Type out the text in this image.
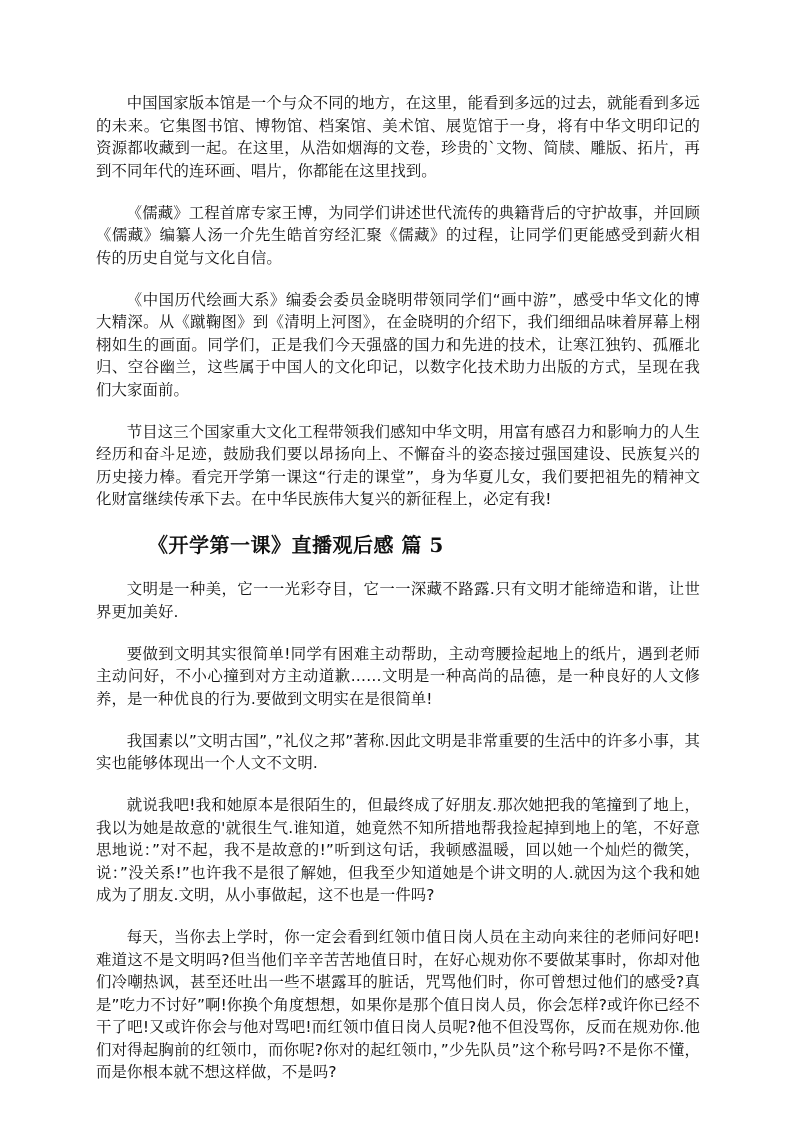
中国国家版本馆是一个与众不同的地方，在这里，能看到多远的过去，就能看到多远的未来。它集图书馆、博物馆、档案馆、美术馆、展览馆于一身，将有中华文明印记的资源都收藏到一起。在这里，从浩如烟海的文卷，珍贵的`文物、简牍、雕版、拓片，再到不同年代的连环画、唱片，你都能在这里找到。

《儒藏》工程首席专家王博，为同学们讲述世代流传的典籍背后的守护故事，并回顾《儒藏》编纂人汤一介先生皓首穷经汇聚《儒藏》的过程，让同学们更能感受到薪火相传的历史自觉与文化自信。

《中国历代绘画大系》编委会委员金晓明带领同学们“画中游”，感受中华文化的博大精深。从《蹴鞠图》到《清明上河图》，在金晓明的介绍下，我们细细品味着屏幕上栩栩如生的画面。同学们，正是我们今天强盛的国力和先进的技术，让寒江独钓、孤雁北归、空谷幽兰，这些属于中国人的文化印记，以数字化技术助力出版的方式，呈现在我们大家面前。

节目这三个国家重大文化工程带领我们感知中华文明，用富有感召力和影响力的人生经历和奋斗足迹，鼓励我们要以昂扬向上、不懈奋斗的姿态接过强国建设、民族复兴的历史接力棒。看完开学第一课这“行走的课堂”，身为华夏儿女，我们要把祖先的精神文化财富继续传承下去。在中华民族伟大复兴的新征程上，必定有我!

《开学第一课》直播观后感 篇 5

文明是一种美，它一一光彩夺目，它一一深藏不路露.只有文明才能缔造和谐，让世界更加美好.

要做到文明其实很简单!同学有困难主动帮助，主动弯腰捡起地上的纸片，遇到老师主动问好，不小心撞到对方主动道歉……文明是一种高尚的品德，是一种良好的人文修养，是一种优良的行为.要做到文明实在是很简单!

我国素以”文明古国”，”礼仪之邦”著称.因此文明是非常重要的生活中的许多小事，其实也能够体现出一个人文不文明.

就说我吧!我和她原本是很陌生的，但最终成了好朋友.那次她把我的笔撞到了地上，我以为她是故意的'就很生气.谁知道，她竟然不知所措地帮我捡起掉到地上的笔，不好意思地说：”对不起，我不是故意的!”听到这句话，我顿感温暖，回以她一个灿烂的微笑，说：”没关系!”也许我不是很了解她，但我至少知道她是个讲文明的人.就因为这个我和她成为了朋友.文明，从小事做起，这不也是一件吗?

每天，当你去上学时，你一定会看到红领巾值日岗人员在主动向来往的老师问好吧!难道这不是文明吗?但当他们辛辛苦苦地值日时，在好心规劝你不要做某事时，你却对他们冷嘲热讽，甚至还吐出一些不堪露耳的脏话，咒骂他们时，你可曾想过他们的感受?真是”吃力不讨好”啊!你换个角度想想，如果你是那个值日岗人员，你会怎样?或许你已经不干了吧!又或许你会与他对骂吧!而红领巾值日岗人员呢?他不但没骂你，反而在规劝你.他们对得起胸前的红领巾，而你呢?你对的起红领巾，”少先队员”这个称号吗?不是你不懂，而是你根本就不想这样做，不是吗?
